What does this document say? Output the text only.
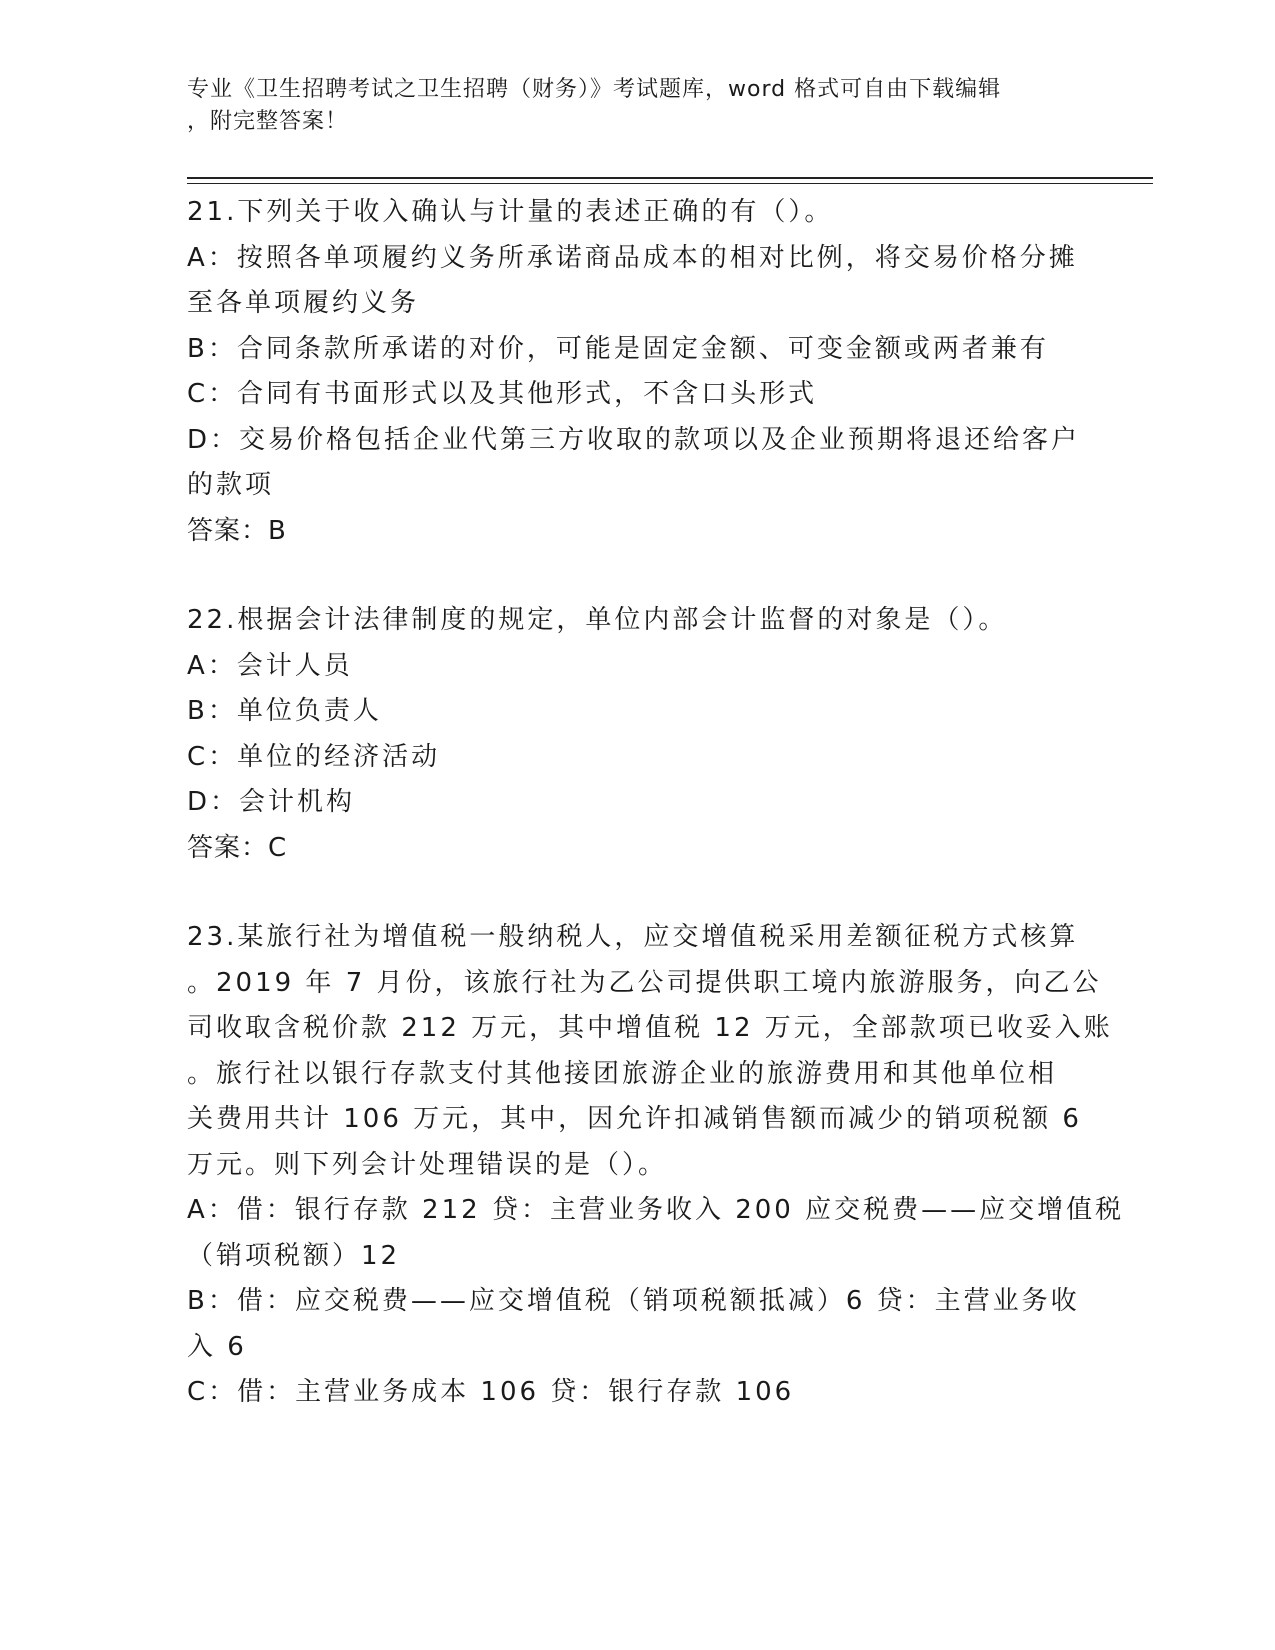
专业《卫生招聘考试之卫生招聘（财务）》考试题库，word 格式可自由下载编辑
，附完整答案！

21.下列关于收入确认与计量的表述正确的有（）。

A：按照各单项履约义务所承诺商品成本的相对比例，将交易价格分摊

至各单项履约义务

B：合同条款所承诺的对价，可能是固定金额、可变金额或两者兼有

C：合同有书面形式以及其他形式，不含口头形式

D：交易价格包括企业代第三方收取的款项以及企业预期将退还给客户

的款项

答案：B

22.根据会计法律制度的规定，单位内部会计监督的对象是（）。

A：会计人员

B：单位负责人

C：单位的经济活动

D：会计机构

答案：C

23.某旅行社为增值税一般纳税人，应交增值税采用差额征税方式核算

。2019 年 7 月份，该旅行社为乙公司提供职工境内旅游服务，向乙公

司收取含税价款 212 万元，其中增值税 12 万元，全部款项已收妥入账

。旅行社以银行存款支付其他接团旅游企业的旅游费用和其他单位相

关费用共计 106 万元，其中，因允许扣减销售额而减少的销项税额 6

万元。则下列会计处理错误的是（）。

A：借：银行存款 212 贷：主营业务收入 200 应交税费——应交增值税

（销项税额）12

B：借：应交税费——应交增值税（销项税额抵减）6 贷：主营业务收

入 6

C：借：主营业务成本 106 贷：银行存款 106
